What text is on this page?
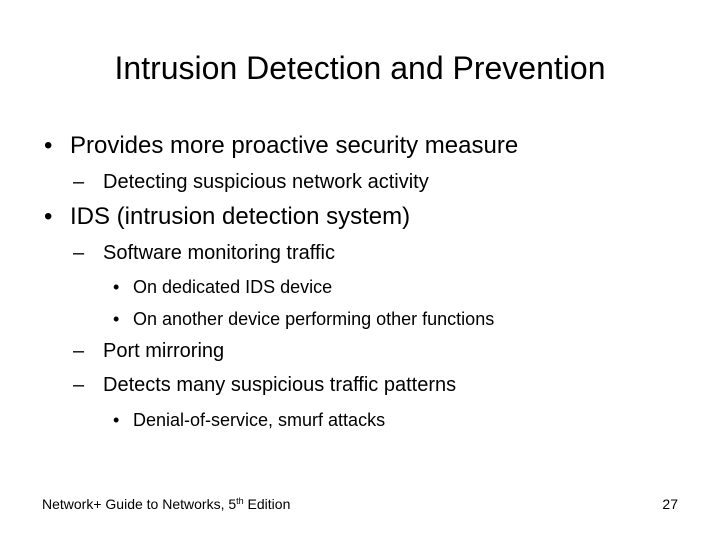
Intrusion Detection and Prevention
• Provides more proactive security measure
– Detecting suspicious network activity
• IDS (intrusion detection system)
– Software monitoring traffic
• On dedicated IDS device
• On another device performing other functions
– Port mirroring
– Detects many suspicious traffic patterns
• Denial-of-service, smurf attacks
Network+ Guide to Networks, 5th Edition	27
